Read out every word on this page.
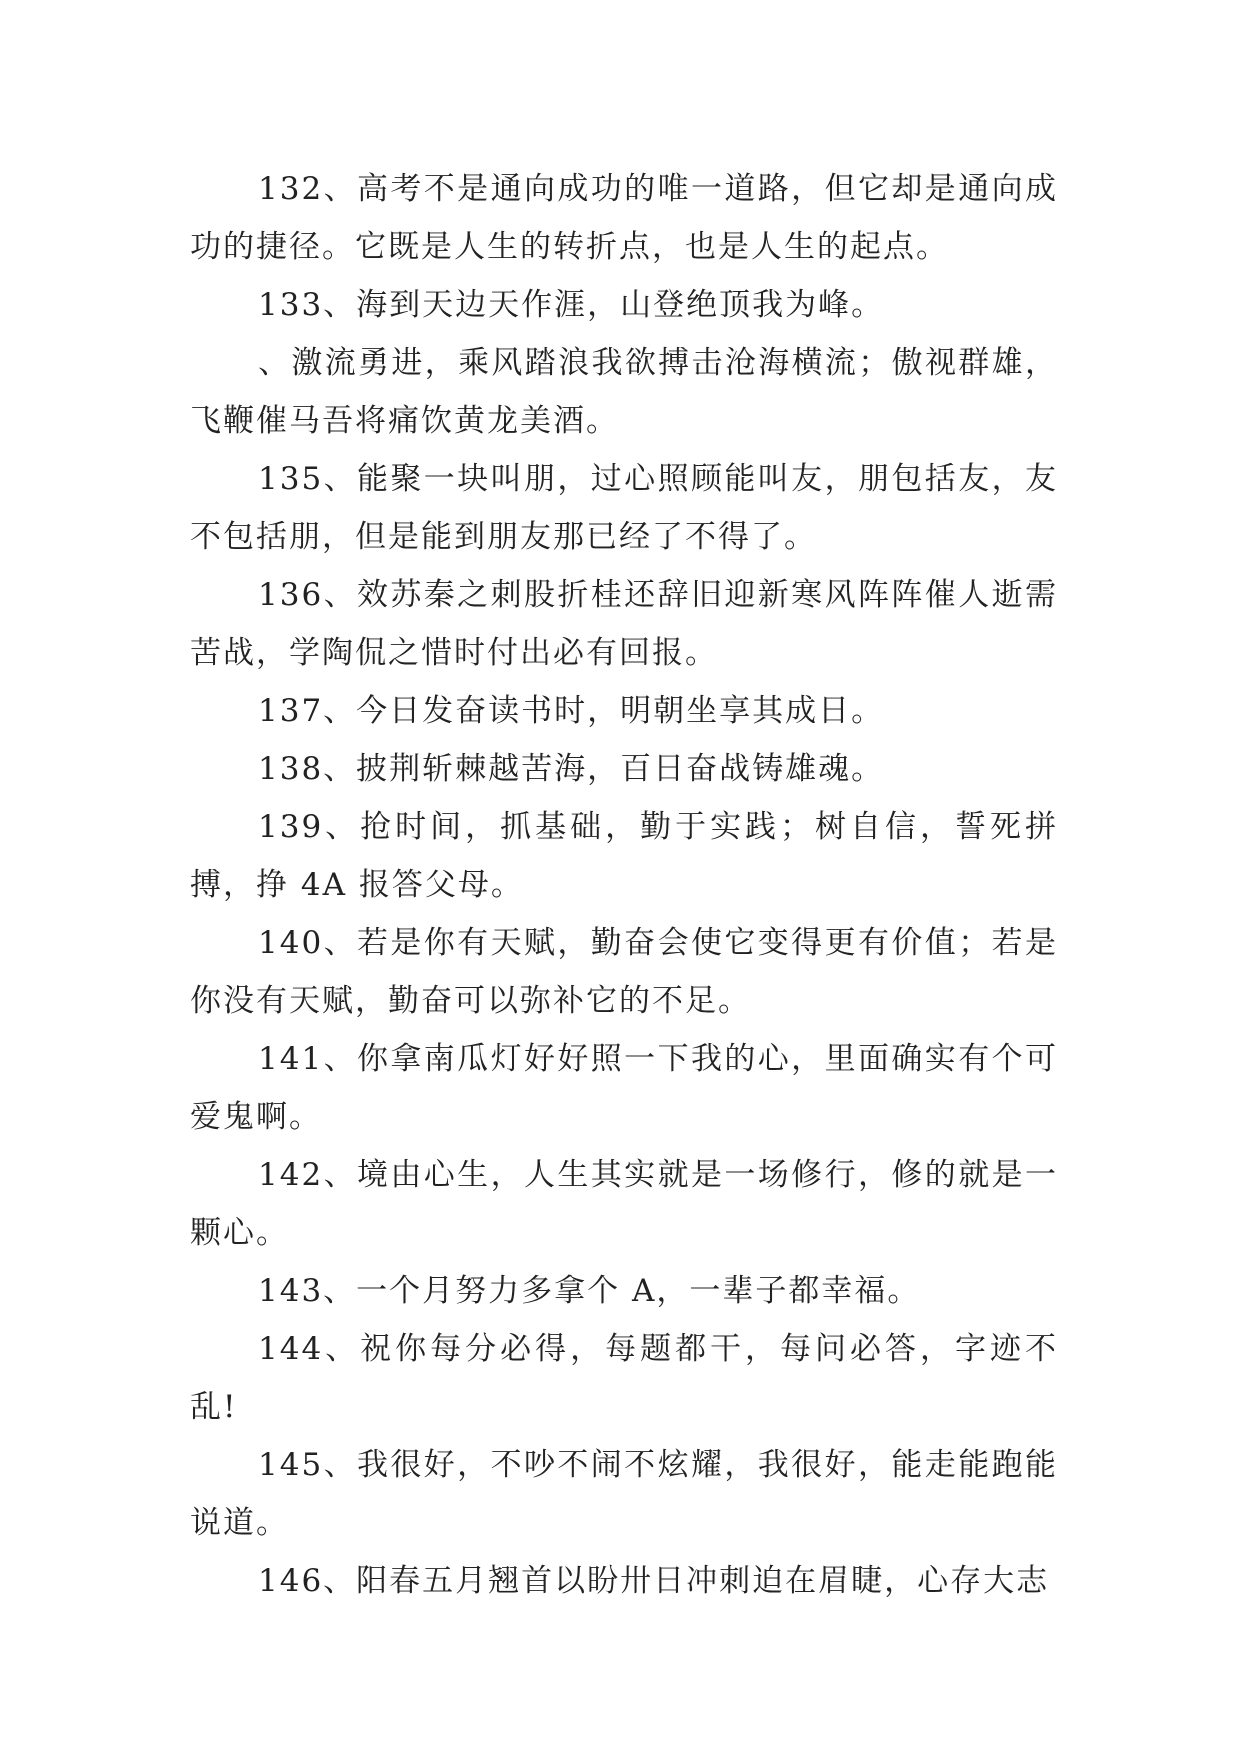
132、高考不是通向成功的唯一道路，但它却是通向成功的捷径。它既是人生的转折点，也是人生的起点。

133、海到天边天作涯，山登绝顶我为峰。

、激流勇进，乘风踏浪我欲搏击沧海横流；傲视群雄，飞鞭催马吾将痛饮黄龙美酒。

135、能聚一块叫朋，过心照顾能叫友，朋包括友，友不包括朋，但是能到朋友那已经了不得了。

136、效苏秦之刺股折桂还辞旧迎新寒风阵阵催人逝需苦战，学陶侃之惜时付出必有回报。

137、今日发奋读书时，明朝坐享其成日。

138、披荆斩棘越苦海，百日奋战铸雄魂。

139、抢时间，抓基础，勤于实践；树自信，誓死拼搏，挣 4A 报答父母。

140、若是你有天赋，勤奋会使它变得更有价值；若是你没有天赋，勤奋可以弥补它的不足。

141、你拿南瓜灯好好照一下我的心，里面确实有个可爱鬼啊。

142、境由心生，人生其实就是一场修行，修的就是一颗心。

143、一个月努力多拿个 A，一辈子都幸福。

144、祝你每分必得，每题都干，每问必答，字迹不乱!

145、我很好，不吵不闹不炫耀，我很好，能走能跑能说道。

146、阳春五月翘首以盼卅日冲刺迫在眉睫，心存大志
